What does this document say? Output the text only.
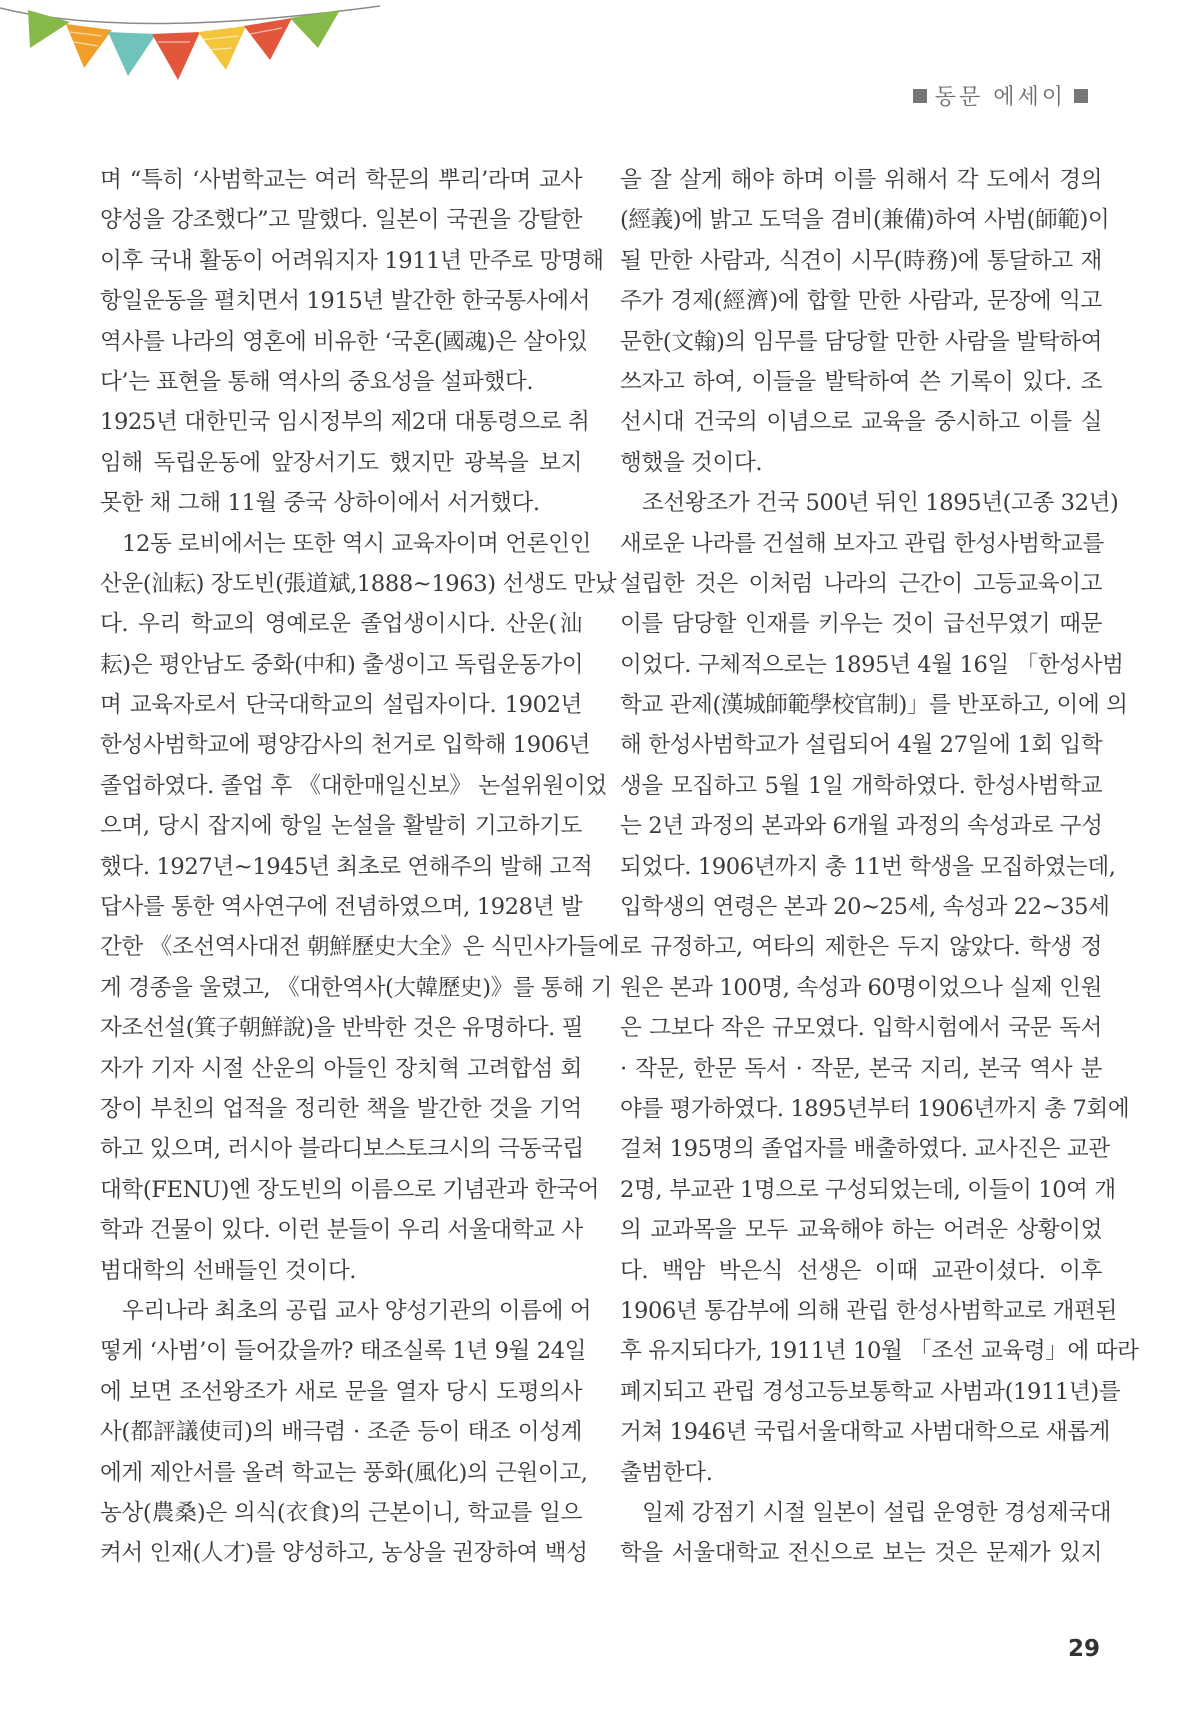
동문 에세이
며 “특히 ‘사범학교는 여러 학문의 뿌리’라며 교사
양성을 강조했다”고 말했다. 일본이 국권을 강탈한
이후 국내 활동이 어려워지자 1911년 만주로 망명해
항일운동을 펼치면서 1915년 발간한 한국통사에서
역사를 나라의 영혼에 비유한 ‘국혼(國魂)은 살아있
다’는 표현을 통해 역사의 중요성을 설파했다.
1925년 대한민국 임시정부의 제2대 대통령으로 취
임해 독립운동에 앞장서기도 했지만 광복을 보지
못한 채 그해 11월 중국 상하이에서 서거했다.
12동 로비에서는 또한 역시 교육자이며 언론인인
산운(汕耘) 장도빈(張道斌,1888~1963) 선생도 만났
다. 우리 학교의 영예로운 졸업생이시다. 산운(汕
耘)은 평안남도 중화(中和) 출생이고 독립운동가이
며 교육자로서 단국대학교의 설립자이다. 1902년
한성사범학교에 평양감사의 천거로 입학해 1906년
졸업하였다. 졸업 후 《대한매일신보》 논설위원이었
으며, 당시 잡지에 항일 논설을 활발히 기고하기도
했다. 1927년~1945년 최초로 연해주의 발해 고적
답사를 통한 역사연구에 전념하였으며, 1928년 발
간한 《조선역사대전 朝鮮歷史大全》은 식민사가들에
게 경종을 울렸고, 《대한역사(大韓歷史)》를 통해 기
자조선설(箕子朝鮮說)을 반박한 것은 유명하다. 필
자가 기자 시절 산운의 아들인 장치혁 고려합섬 회
장이 부친의 업적을 정리한 책을 발간한 것을 기억
하고 있으며, 러시아 블라디보스토크시의 극동국립
대학(FENU)엔 장도빈의 이름으로 기념관과 한국어
학과 건물이 있다. 이런 분들이 우리 서울대학교 사
범대학의 선배들인 것이다.
우리나라 최초의 공립 교사 양성기관의 이름에 어
떻게 ‘사범’이 들어갔을까? 태조실록 1년 9월 24일
에 보면 조선왕조가 새로 문을 열자 당시 도평의사
사(都評議使司)의 배극렴 · 조준 등이 태조 이성계
에게 제안서를 올려 학교는 풍화(風化)의 근원이고,
농상(農桑)은 의식(衣食)의 근본이니, 학교를 일으
켜서 인재(人才)를 양성하고, 농상을 권장하여 백성
을 잘 살게 해야 하며 이를 위해서 각 도에서 경의
(經義)에 밝고 도덕을 겸비(兼備)하여 사범(師範)이
될 만한 사람과, 식견이 시무(時務)에 통달하고 재
주가 경제(經濟)에 합할 만한 사람과, 문장에 익고
문한(文翰)의 임무를 담당할 만한 사람을 발탁하여
쓰자고 하여, 이들을 발탁하여 쓴 기록이 있다. 조
선시대 건국의 이념으로 교육을 중시하고 이를 실
행했을 것이다.
조선왕조가 건국 500년 뒤인 1895년(고종 32년)
새로운 나라를 건설해 보자고 관립 한성사범학교를
설립한 것은 이처럼 나라의 근간이 고등교육이고
이를 담당할 인재를 키우는 것이 급선무였기 때문
이었다. 구체적으로는 1895년 4월 16일 「한성사범
학교 관제(漢城師範學校官制)」를 반포하고, 이에 의
해 한성사범학교가 설립되어 4월 27일에 1회 입학
생을 모집하고 5월 1일 개학하였다. 한성사범학교
는 2년 과정의 본과와 6개월 과정의 속성과로 구성
되었다. 1906년까지 총 11번 학생을 모집하였는데,
입학생의 연령은 본과 20~25세, 속성과 22~35세
로 규정하고, 여타의 제한은 두지 않았다. 학생 정
원은 본과 100명, 속성과 60명이었으나 실제 인원
은 그보다 작은 규모였다. 입학시험에서 국문 독서
· 작문, 한문 독서 · 작문, 본국 지리, 본국 역사 분
야를 평가하였다. 1895년부터 1906년까지 총 7회에
걸쳐 195명의 졸업자를 배출하였다. 교사진은 교관
2명, 부교관 1명으로 구성되었는데, 이들이 10여 개
의 교과목을 모두 교육해야 하는 어려운 상황이었
다. 백암 박은식 선생은 이때 교관이셨다. 이후
1906년 통감부에 의해 관립 한성사범학교로 개편된
후 유지되다가, 1911년 10월 「조선 교육령」에 따라
폐지되고 관립 경성고등보통학교 사범과(1911년)를
거쳐 1946년 국립서울대학교 사범대학으로 새롭게
출범한다.
일제 강점기 시절 일본이 설립 운영한 경성제국대
학을 서울대학교 전신으로 보는 것은 문제가 있지
29
